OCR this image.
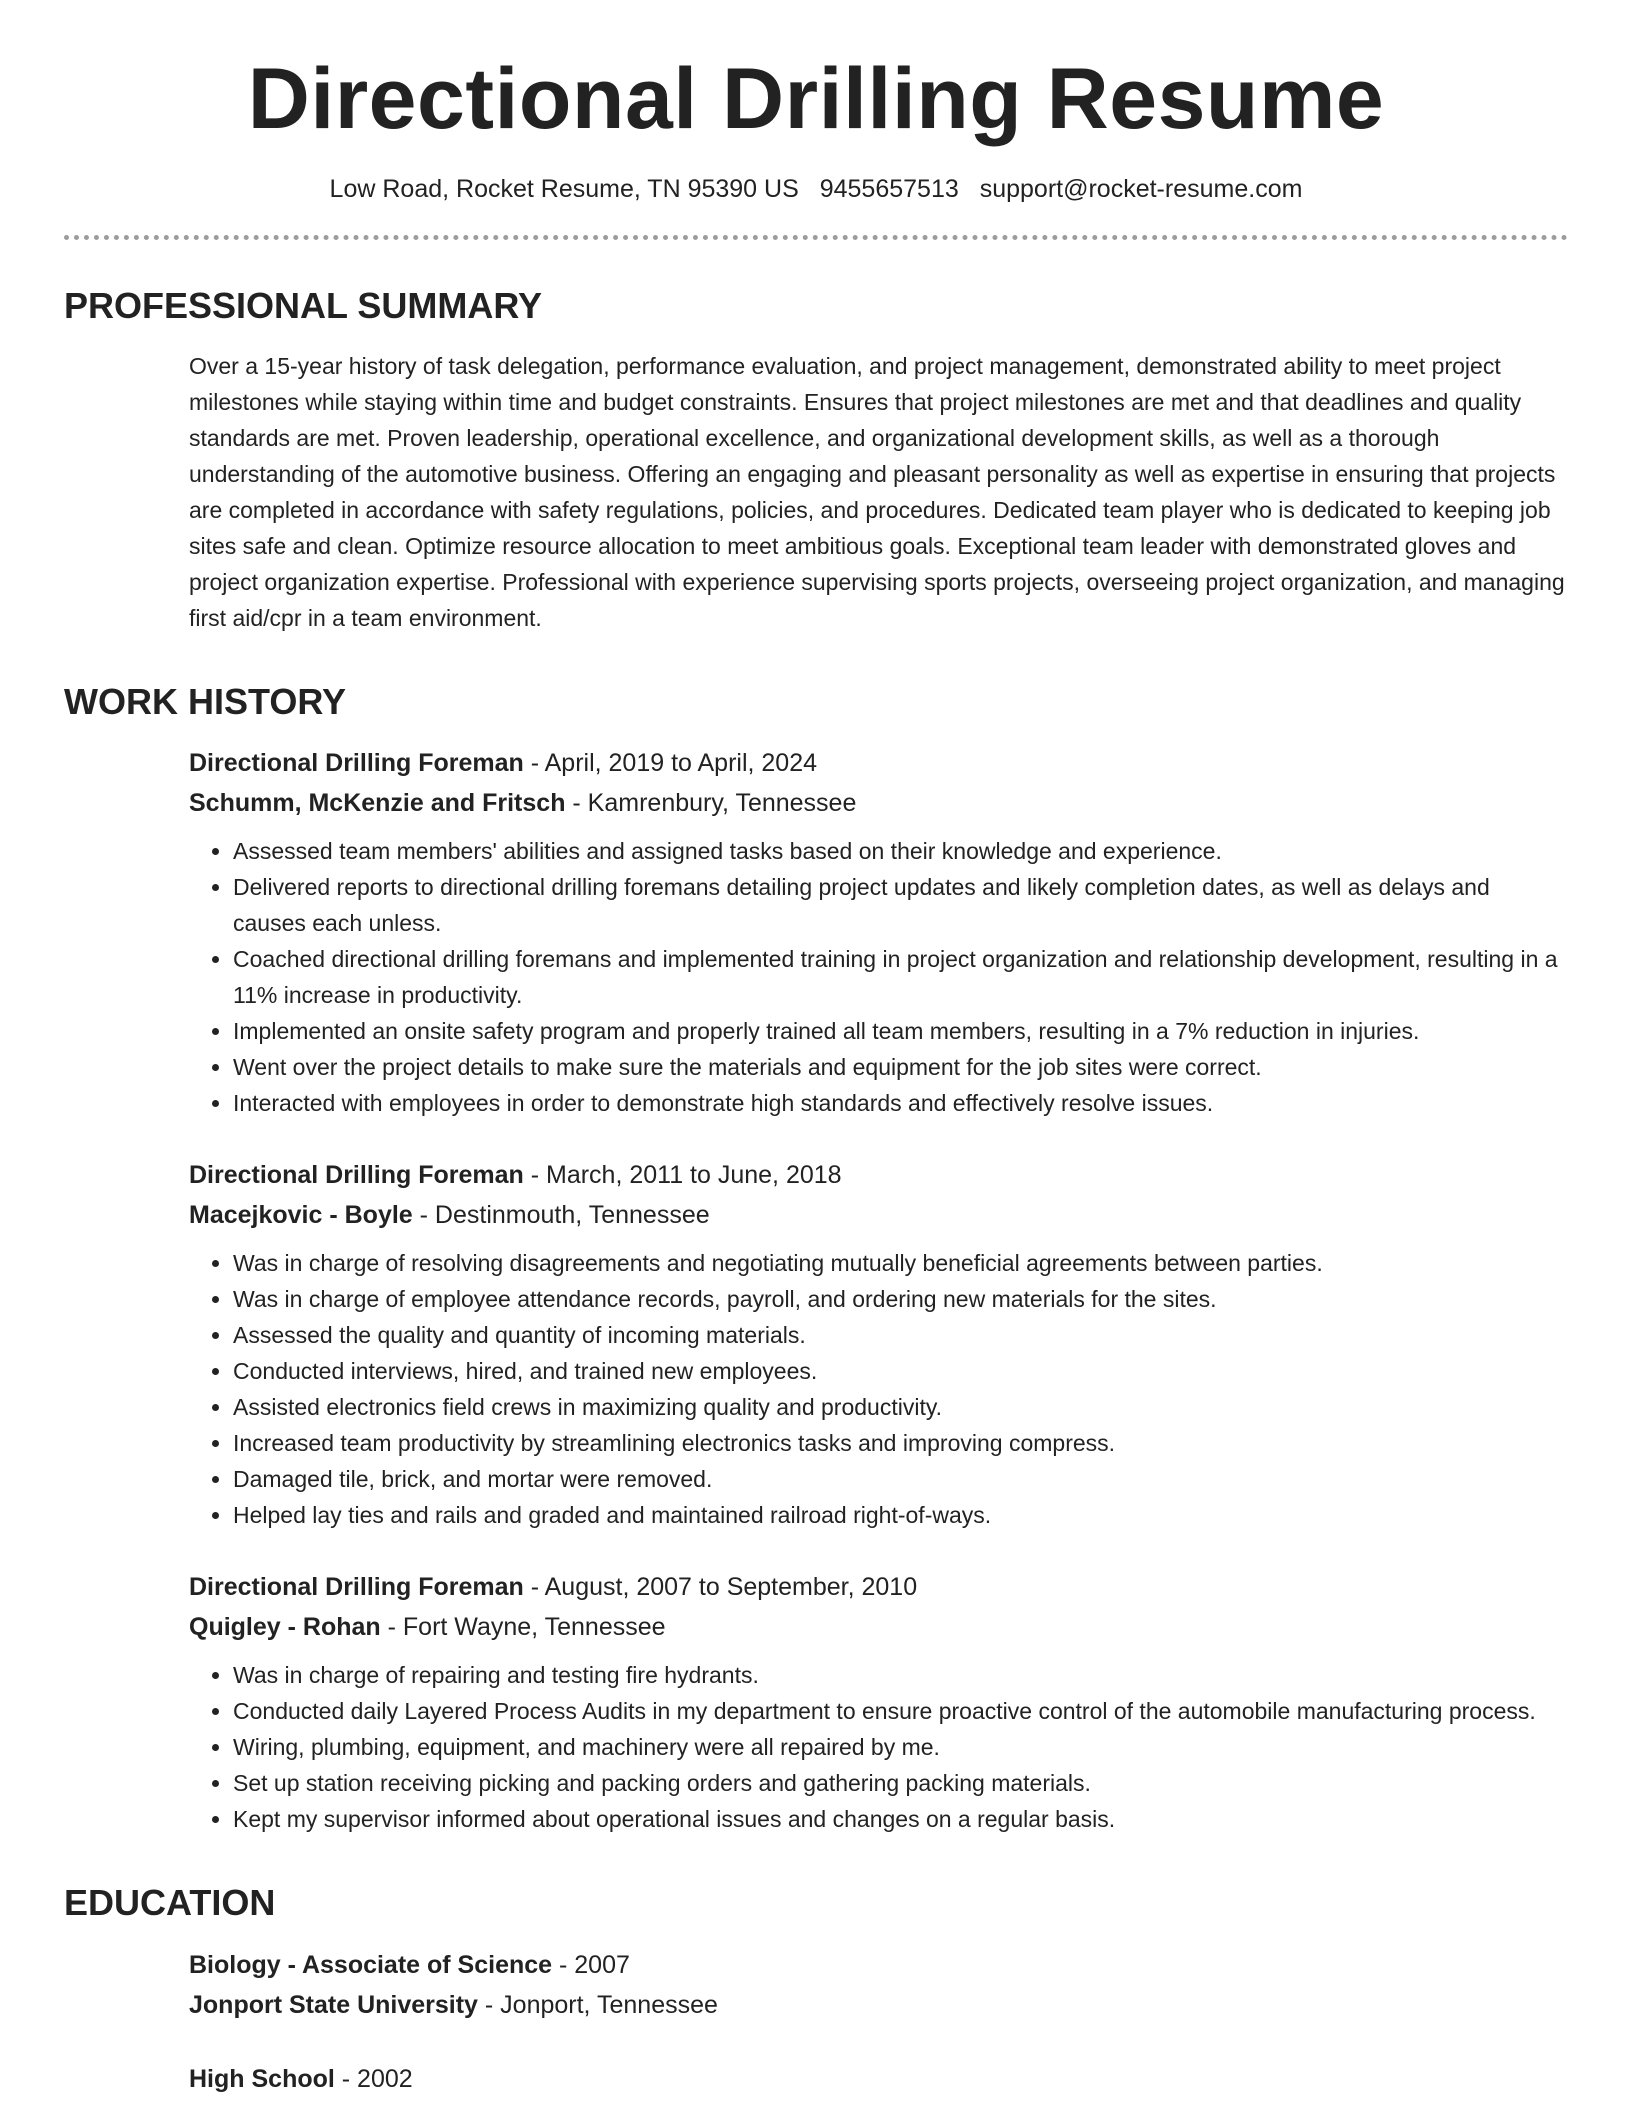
Directional Drilling Resume
Low Road, Rocket Resume, TN 95390 US 9455657513 support@rocket-resume.com
PROFESSIONAL SUMMARY

Over a 15-year history of task delegation, performance evaluation, and project management, demonstrated ability to meet project milestones while staying within time and budget constraints. Ensures that project milestones are met and that deadlines and quality standards are met. Proven leadership, operational excellence, and organizational development skills, as well as a thorough understanding of the automotive business. Offering an engaging and pleasant personality as well as expertise in ensuring that projects are completed in accordance with safety regulations, policies, and procedures. Dedicated team player who is dedicated to keeping job sites safe and clean. Optimize resource allocation to meet ambitious goals. Exceptional team leader with demonstrated gloves and project organization expertise. Professional with experience supervising sports projects, overseeing project organization, and managing first aid/cpr in a team environment.

WORK HISTORY
Directional Drilling Foreman - April, 2019 to April, 2024
Schumm, McKenzie and Fritsch - Kamrenbury, Tennessee
• Assessed team members' abilities and assigned tasks based on their knowledge and experience.
• Delivered reports to directional drilling foremans detailing project updates and likely completion dates, as well as delays and causes each unless.
• Coached directional drilling foremans and implemented training in project organization and relationship development, resulting in a 11% increase in productivity.
• Implemented an onsite safety program and properly trained all team members, resulting in a 7% reduction in injuries.
• Went over the project details to make sure the materials and equipment for the job sites were correct.
• Interacted with employees in order to demonstrate high standards and effectively resolve issues.
Directional Drilling Foreman - March, 2011 to June, 2018
Macejkovic - Boyle - Destinmouth, Tennessee
• Was in charge of resolving disagreements and negotiating mutually beneficial agreements between parties.
• Was in charge of employee attendance records, payroll, and ordering new materials for the sites.
• Assessed the quality and quantity of incoming materials.
• Conducted interviews, hired, and trained new employees.
• Assisted electronics field crews in maximizing quality and productivity.
• Increased team productivity by streamlining electronics tasks and improving compress.
• Damaged tile, brick, and mortar were removed.
• Helped lay ties and rails and graded and maintained railroad right-of-ways.
Directional Drilling Foreman - August, 2007 to September, 2010
Quigley - Rohan - Fort Wayne, Tennessee
• Was in charge of repairing and testing fire hydrants.
• Conducted daily Layered Process Audits in my department to ensure proactive control of the automobile manufacturing process.
• Wiring, plumbing, equipment, and machinery were all repaired by me.
• Set up station receiving picking and packing orders and gathering packing materials.
• Kept my supervisor informed about operational issues and changes on a regular basis.
EDUCATION
Biology - Associate of Science - 2007
Jonport State University - Jonport, Tennessee
High School - 2002
